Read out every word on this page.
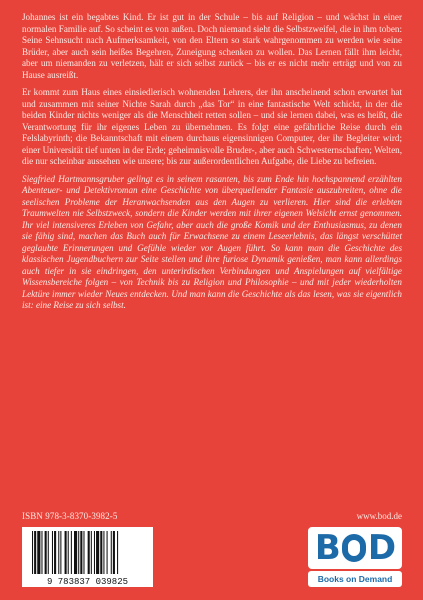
Johannes ist ein begabtes Kind. Er ist gut in der Schule – bis auf Religion – und wächst in einer normalen Familie auf. So scheint es von außen. Doch niemand sieht die Selbstzweifel, die in ihm toben: Seine Sehnsucht nach Aufmerksamkeit, von den Eltern so stark wahrgenommen zu werden wie seine Brüder, aber auch sein heißes Begehren, Zuneigung schenken zu wollen. Das Lernen fällt ihm leicht, aber um niemanden zu verletzen, hält er sich selbst zurück – bis er es nicht mehr erträgt und von zu Hause ausreißt.

Er kommt zum Haus eines einsiedlerisch wohnenden Lehrers, der ihn anscheinend schon erwartet hat und zusammen mit seiner Nichte Sarah durch „das Tor“ in eine fantastische Welt schickt, in der die beiden Kinder nichts weniger als die Menschheit retten sollen – und sie lernen dabei, was es heißt, die Verantwortung für ihr eigenes Leben zu übernehmen. Es folgt eine gefährliche Reise durch ein Felslabyrinth; die Bekanntschaft mit einem durchaus eigensinnigen Computer, der ihr Begleiter wird; einer Universität tief unten in der Erde; geheimnisvolle Bruder-, aber auch Schwesternschaften; Welten, die nur scheinbar aussehen wie unsere; bis zur außerordentlichen Aufgabe, die Liebe zu befreien.

Siegfried Hartmannsgruber gelingt es in seinem rasanten, bis zum Ende hin hochspannend erzählten Abenteuer- und Detektivroman eine Geschichte von überquellender Fantasie auszubreiten, ohne die seelischen Probleme der Heranwachsenden aus den Augen zu verlieren. Hier sind die erlebten Traumwelten nie Selbstzweck, sondern die Kinder werden mit ihrer eigenen Welsicht ernst genommen. Ihr viel intensiveres Erleben von Gefahr, aber auch die große Komik und der Enthusiasmus, zu denen sie fähig sind, machen das Buch auch für Erwachsene zu einem Leseerlebnis, das längst verschüttet geglaubte Erinnerungen und Gefühle wieder vor Augen führt. So kann man die Geschichte des klassischen Jugendbuchern zur Seite stellen und ihre furiose Dynamik genießen, man kann allerdings auch tiefer in sie eindringen, den unterirdischen Verbindungen und Anspielungen auf vielfältige Wissensbereiche folgen – von Technik bis zu Religion und Philosophie – und mit jeder wiederholten Lektüre immer wieder Neues entdecken. Und man kann die Geschichte als das lesen, was sie eigentlich ist: eine Reise zu sich selbst.

ISBN 978-3-8370-3982-5	www.bod.de
9 783837 039825
B D
Books on Demand
